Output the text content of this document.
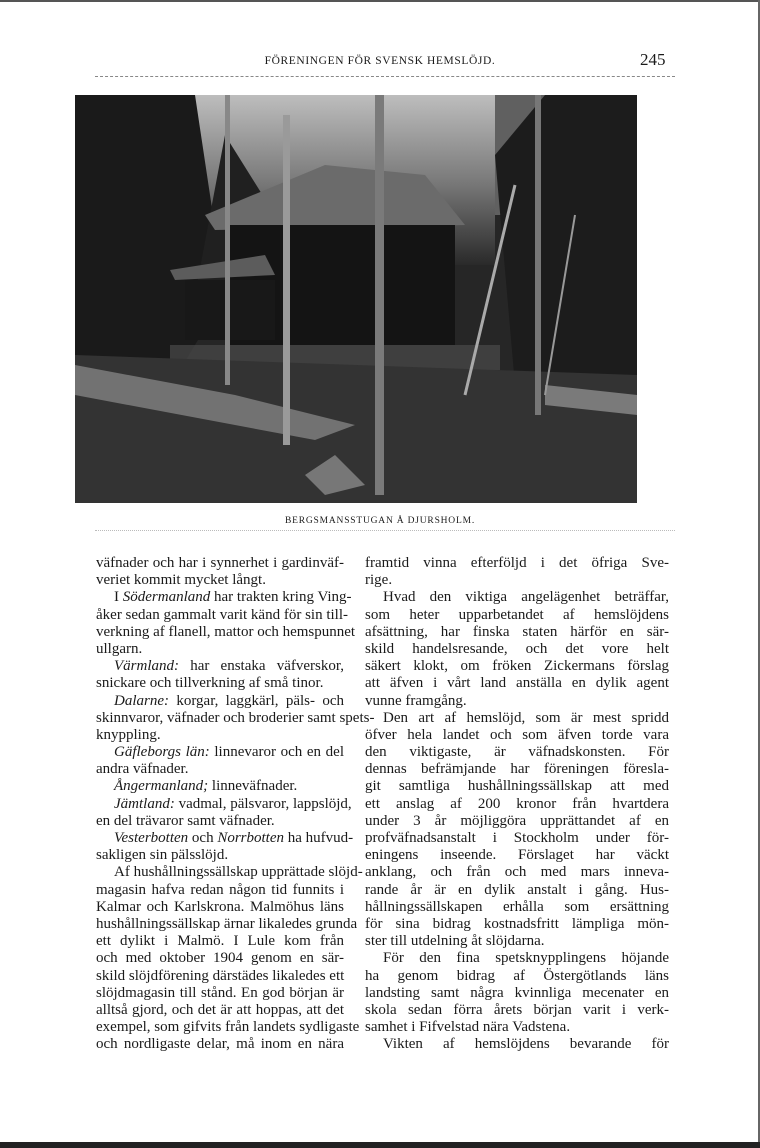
FÖRENINGEN FÖR SVENSK HEMSLÖJD.	245
BERGSMANSSTUGAN Å DJURSHOLM.
väfnader och har i synnerhet i gardinväf-
veriet kommit mycket långt.
I Södermanland har trakten kring Ving-
åker sedan gammalt varit känd för sin till-
verkning af flanell, mattor och hemspunnet
ullgarn.
Värmland: har enstaka väfverskor,
snickare och tillverkning af små tinor.
Dalarne: korgar, laggkärl, päls- och
skinnvaror, väfnader och broderier samt spets-
knyppling.
Gäfleborgs län: linnevaror och en del
andra väfnader.
Ångermanland; linneväfnader.
Jämtland: vadmal, pälsvaror, lappslöjd,
en del trävaror samt väfnader.
Vesterbotten och Norrbotten ha hufvud-
sakligen sin pälsslöjd.
Af hushållningssällskap upprättade slöjd-
magasin hafva redan någon tid funnits i
Kalmar och Karlskrona. Malmöhus läns
hushållningssällskap ärnar likaledes grunda
ett dylikt i Malmö. I Lule kom från
och med oktober 1904 genom en sär-
skild slöjdförening därstädes likaledes ett
slöjdmagasin till stånd. En god början är
alltså gjord, och det är att hoppas, att det
exempel, som gifvits från landets sydligaste
och nordligaste delar, må inom en nära
framtid vinna efterföljd i det öfriga Sve-
rige.
Hvad den viktiga angelägenhet beträffar,
som heter upparbetandet af hemslöjdens
afsättning, har finska staten härför en sär-
skild handelsresande, och det vore helt
säkert klokt, om fröken Zickermans förslag
att äfven i vårt land anställa en dylik agent
vunne framgång.
Den art af hemslöjd, som är mest spridd
öfver hela landet och som äfven torde vara
den viktigaste, är väfnadskonsten. För
dennas befrämjande har föreningen föresla-
git samtliga hushållningssällskap att med
ett anslag af 200 kronor från hvartdera
under 3 år möjliggöra upprättandet af en
profväfnadsanstalt i Stockholm under för-
eningens inseende. Förslaget har väckt
anklang, och från och med mars inneva-
rande år är en dylik anstalt i gång. Hus-
hållningssällskapen erhålla som ersättning
för sina bidrag kostnadsfritt lämpliga mön-
ster till utdelning åt slöjdarna.
För den fina spetsknypplingens höjande
ha genom bidrag af Östergötlands läns
landsting samt några kvinnliga mecenater en
skola sedan förra årets början varit i verk-
samhet i Fifvelstad nära Vadstena.
Vikten af hemslöjdens bevarande för
